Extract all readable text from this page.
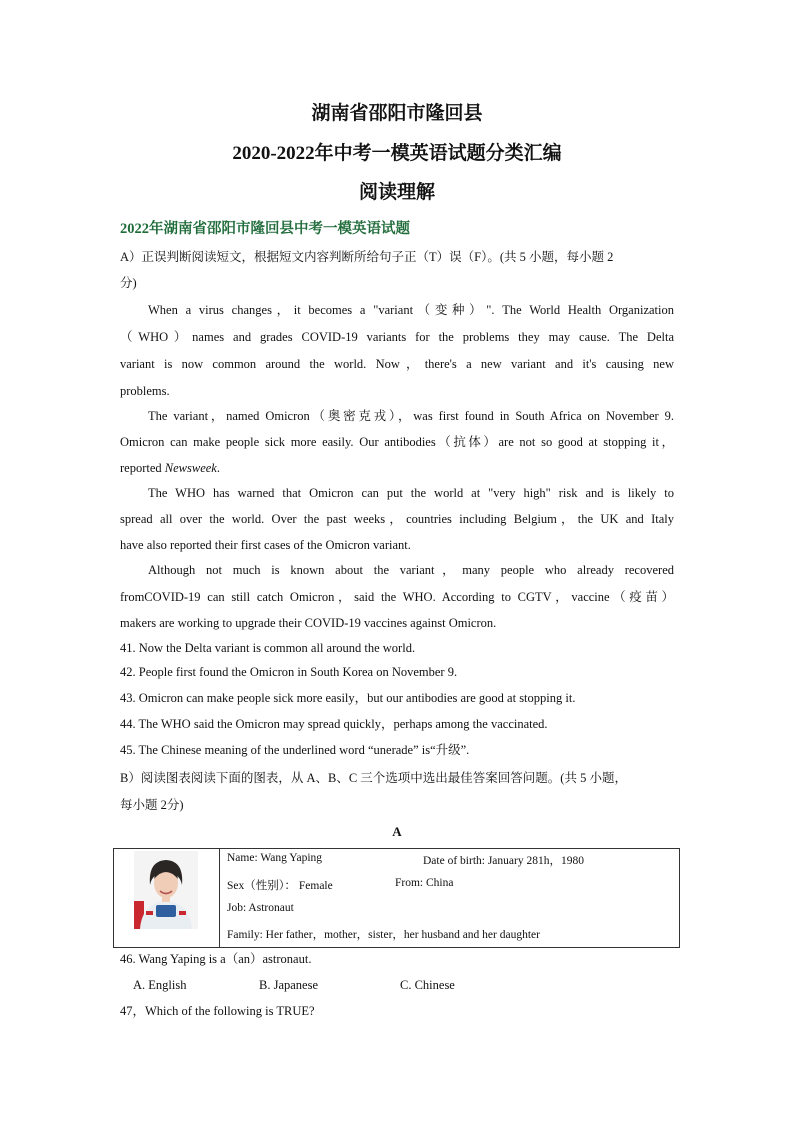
湖南省邵阳市隆回县
2020-2022年中考一模英语试题分类汇编
阅读理解
2022年湖南省邵阳市隆回县中考一模英语试题
A）正误判断阅读短文，根据短文内容判断所给句子正（T）误（F）。(共 5 小题，每小题 2
分)
When a virus changes，it becomes a "variant（变种）". The World Health Organization
（WHO）names and grades COVID-19 variants for the problems they may cause. The Delta
variant is now common around the world. Now，there's a new variant and it's causing new
problems.
The variant，named Omicron（奥密克戎），was first found in South Africa on November 9.
Omicron can make people sick more easily. Our antibodies（抗体）are not so good at stopping it，
reported Newsweek.
The WHO has warned that Omicron can put the world at "very high" risk and is likely to
spread all over the world. Over the past weeks，countries including Belgium，the UK and Italy
have also reported their first cases of the Omicron variant.
Although not much is known about the variant，many people who already recovered
fromCOVID-19 can still catch Omicron，said the WHO. According to CGTV，vaccine（疫苗）
makers are working to upgrade their COVID-19 vaccines against Omicron.
41. Now the Delta variant is common all around the world.
42. People first found the Omicron in South Korea on November 9.
43. Omicron can make people sick more easily，but our antibodies are good at stopping it.
44. The WHO said the Omicron may spread quickly，perhaps among the vaccinated.
45. The Chinese meaning of the underlined word “unerade” is“升级”.
B）阅读图表阅读下面的图表，从 A、B、C 三个选项中选出最佳答案回答问题。(共 5 小题，
每小题 2分)
A
Name: Wang Yaping	Date of birth: January 281h，1980
Sex（性别）： Female	From: China
Job: Astronaut
Family: Her father，mother，sister，her husband and her daughter
46. Wang Yaping is a（an）astronaut.
A. English	B. Japanese	C. Chinese
47，Which of the following is TRUE?
